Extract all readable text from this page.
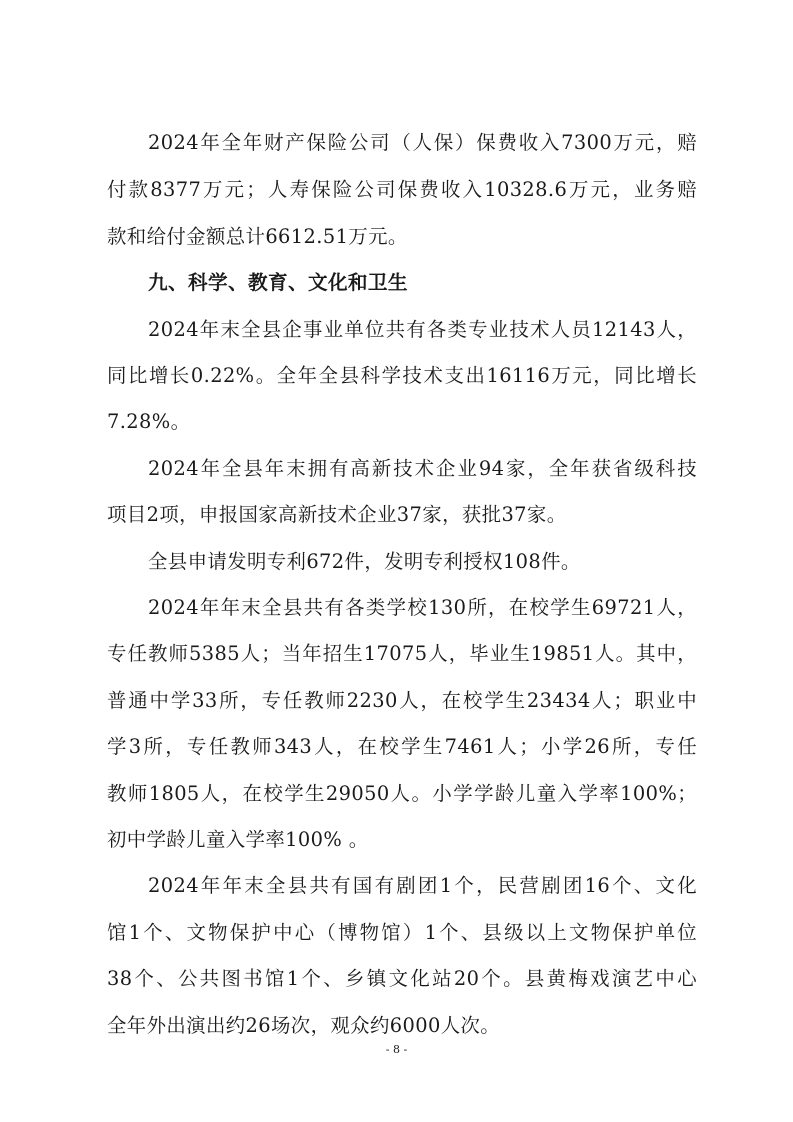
2024年全年财产保险公司（人保）保费收入7300万元，赔
付款8377万元；人寿保险公司保费收入10328.6万元，业务赔
款和给付金额总计6612.51万元。
九、科学、教育、文化和卫生
2024年末全县企事业单位共有各类专业技术人员12143人，
同比增长0.22%。全年全县科学技术支出16116万元，同比增长
7.28%。
2024年全县年末拥有高新技术企业94家，全年获省级科技
项目2项，申报国家高新技术企业37家，获批37家。
全县申请发明专利672件，发明专利授权108件。
2024年年末全县共有各类学校130所，在校学生69721人，
专任教师5385人；当年招生17075人，毕业生19851人。其中，
普通中学33所，专任教师2230人，在校学生23434人；职业中
学3所，专任教师343人，在校学生7461人；小学26所，专任
教师1805人，在校学生29050人。小学学龄儿童入学率100%；
初中学龄儿童入学率100% 。
2024年年末全县共有国有剧团1个，民营剧团16个、文化
馆1个、文物保护中心（博物馆）1个、县级以上文物保护单位
38个、公共图书馆1个、乡镇文化站20个。县黄梅戏演艺中心
全年外出演出约26场次，观众约6000人次。
- 8 -
